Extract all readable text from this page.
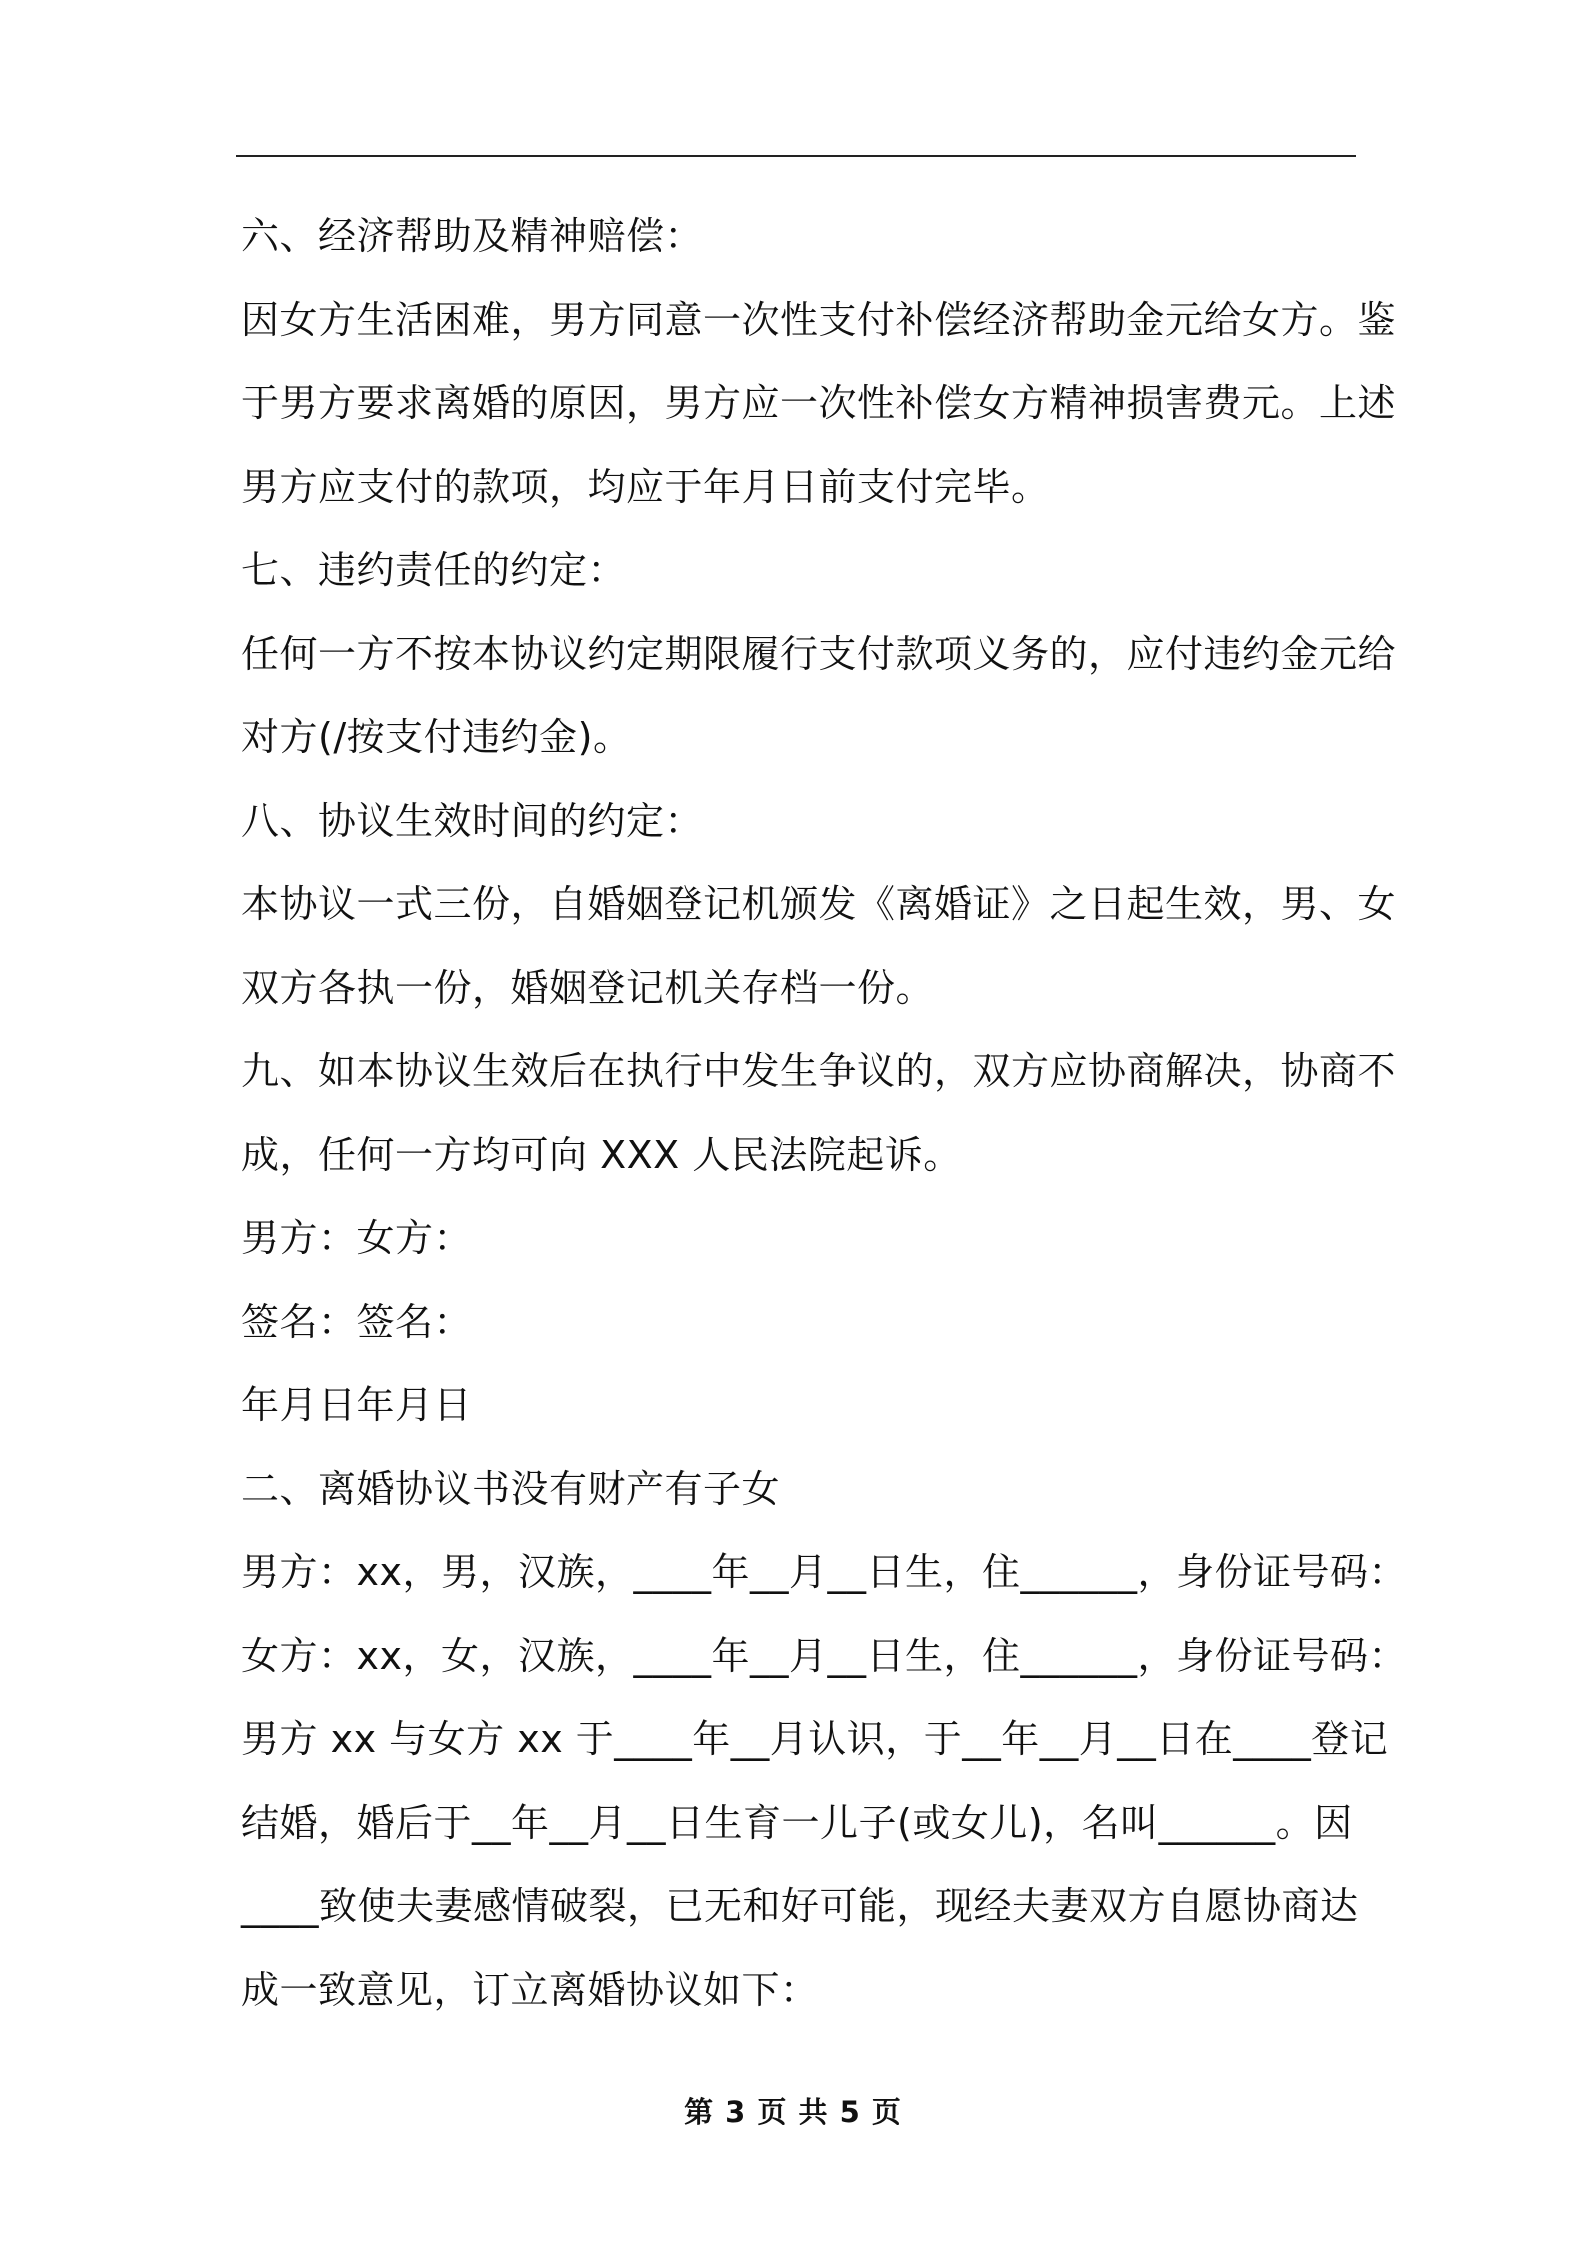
六、经济帮助及精神赔偿：
因女方生活困难，男方同意一次性支付补偿经济帮助金元给女方。鉴
于男方要求离婚的原因，男方应一次性补偿女方精神损害费元。上述
男方应支付的款项，均应于年月日前支付完毕。
七、违约责任的约定：
任何一方不按本协议约定期限履行支付款项义务的，应付违约金元给
对方(/按支付违约金)。
八、协议生效时间的约定：
本协议一式三份，自婚姻登记机颁发《离婚证》之日起生效，男、女
双方各执一份，婚姻登记机关存档一份。
九、如本协议生效后在执行中发生争议的，双方应协商解决，协商不
成，任何一方均可向 XXX 人民法院起诉。
男方：女方：
签名：签名：
年月日年月日
二、离婚协议书没有财产有子女
男方：xx，男，汉族，____年__月__日生，住______，身份证号码：
女方：xx，女，汉族，____年__月__日生，住______，身份证号码：
男方 xx 与女方 xx 于____年__月认识，于__年__月__日在____登记
结婚，婚后于__年__月__日生育一儿子(或女儿)，名叫______。因
____致使夫妻感情破裂，已无和好可能，现经夫妻双方自愿协商达
成一致意见，订立离婚协议如下：
第 3 页 共 5 页
